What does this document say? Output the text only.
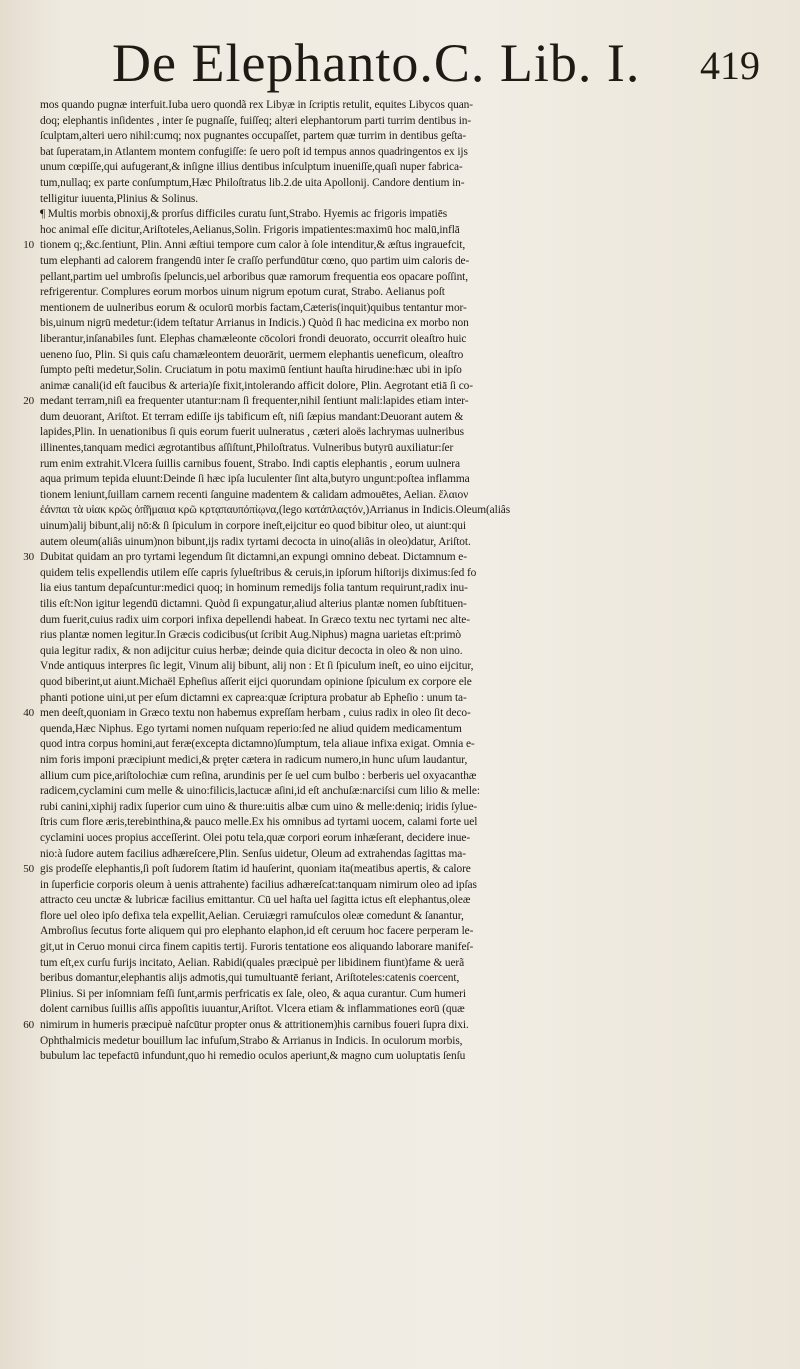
De Elephanto.C. Lib. I. 419
mos quando pugnæ interfuit.Iuba uero quondã rex Libyæ in ſcriptis retulit, equites Libycos quan-
doq; elephantis inſidentes , inter ſe pugnaſſe, fuiſſeq; alteri elephantorum parti turrim dentibus in-
ſculptam,alteri uero nihil:cumq; nox pugnantes occupaſſet, partem quæ turrim in dentibus geſta-
bat ſuperatam,in Atlantem montem confugiſſe: ſe uero poſt id tempus annos quadringentos ex ijs
unum cœpiſſe,qui aufugerant,& inſigne illius dentibus inſculptum inueniſſe,quaſi nuper fabrica-
tum,nullaq; ex parte conſumptum,Hæc Philoſtratus lib.2.de uita Apollonij. Candore dentium in-
telligitur iuuenta,Plinius & Solinus.
¶ Multis morbis obnoxij,& prorſus difficiles curatu ſunt,Strabo. Hyemis ac frigoris impatiēs
hoc animal eſſe dicitur,Ariſtoteles,Aelianus,Solin. Frigoris impatientes:maximū hoc malū,inflā
10 tionem q;,&c.ſentiunt, Plin. Anni æſtiui tempore cum calor à ſole intenditur,& æſtus ingrauefcit,
tum elephanti ad calorem frangendū inter ſe craſſo perfundūtur cœno, quo partim uim caloris de-
pellant,partim uel umbroſis ſpeluncis,uel arboribus quæ ramorum frequentia eos opacare poſſint,
refrigerentur. Complures eorum morbos uinum nigrum epotum curat, Strabo. Aelianus poſt
mentionem de uulneribus eorum & oculorū morbis factam,Cæteris(inquit)quibus tentantur mor-
bis,uinum nigrū medetur:(idem teſtatur Arrianus in Indicis.) Quòd ſi hac medicina ex morbo non
liberantur,inſanabiles ſunt. Elephas chamæleonte cōcolori frondi deuorato, occurrit oleaſtro huic
ueneno ſuo, Plin. Si quis caſu chamæleontem deuorārit, uermem elephantis ueneficum, oleaſtro
ſumpto peſti medetur,Solin. Cruciatum in potu maximū ſentiunt hauſta hirudine:hæc ubi in ipſo
animæ canali(id eſt faucibus & arteria)ſe fixit,intolerando afficit dolore, Plin. Aegrotant etiā ſi co-
20 medant terram,niſi ea frequenter utantur:nam ſi frequenter,nihil ſentiunt mali:lapides etiam inter-
dum deuorant, Ariſtot. Et terram ediſſe ijs tabificum eſt, niſi ſæpius mandant:Deuorant autem &
lapides,Plin. In uenationibus ſi quis eorum fuerit uulneratus , cæteri aloës lachrymas uulneribus
illinentes,tanquam medici ægrotantibus aſſiſtunt,Philoſtratus. Vulneribus butyrū auxiliatur:ſer
rum enim extrahit.Vlcera ſuillis carnibus fouent, Strabo. Indi captis elephantis , eorum uulnera
aqua primum tepida eluunt:Deinde ſi hæc ipſa luculenter ſint alta,butyro ungunt:poſtea inflamma
tionem leniunt,ſuillam carnem recenti ſanguine madentem & calidam admouētes, Aelian. ἔλαιον
ἐάνπαι τὰ υἱακ κρῶς ὀπ͂ῆμαιια κρῶ κρτᾳπαυπόπίῳνα,(lego κατάπλαςτόν,)Arrianus in Indicis.Oleum(aliâs
uinum)alij bibunt,alij nō:& ſi ſpiculum in corpore ineſt,eijcitur eo quod bibitur oleo, ut aiunt:qui
autem oleum(aliâs uinum)non bibunt,ijs radix tyrtami decocta in uino(aliâs in oleo)datur, Ariſtot.
30 Dubitat quidam an pro tyrtami legendum ſit dictamni,an expungi omnino debeat. Dictamnum e-
quidem telis expellendis utilem eſſe capris ſylueſtribus & ceruis,in ipſorum hiſtorijs diximus:ſed fo
lia eius tantum depaſcuntur:medici quoq; in hominum remedijs folia tantum requirunt,radix inu-
tilis eſt:Non igitur legendū dictamni. Quòd ſi expungatur,aliud alterius plantæ nomen ſubſtituen-
dum fuerit,cuius radix uim corpori infixa depellendi habeat. In Græco textu nec tyrtami nec alte-
rius plantæ nomen legitur.In Græcis codicibus(ut ſcribit Aug.Niphus) magna uarietas eſt:primò
quia legitur radix, & non adijcitur cuius herbæ; deinde quia dicitur decocta in oleo & non uino.
Vnde antiquus interpres ſic legit, Vinum alij bibunt, alij non : Et ſi ſpiculum ineſt, eo uino eijcitur,
quod biberint,ut aiunt.Michaël Epheſius aſſerit eijci quorundam opinione ſpiculum ex corpore ele
phanti potione uini,ut per eſum dictamni ex caprea:quæ ſcriptura probatur ab Epheſio : unum ta-
40 men deeſt,quoniam in Græco textu non habemus expreſſam herbam , cuius radix in oleo ſit deco-
quenda,Hæc Niphus. Ego tyrtami nomen nuſquam reperio:ſed ne aliud quidem medicamentum
quod intra corpus homini,aut feræ(excepta dictamno)ſumptum, tela aliaue infixa exigat. Omnia e-
nim foris imponi præcipiunt medici,& pręter cætera in radicum numero,in hunc uſum laudantur,
allium cum pice,ariſtolochiæ cum reſina, arundinis per ſe uel cum bulbo : berberis uel oxyacanthæ
radicem,cyclamini cum melle & uino:filicis,lactucæ aſini,id eſt anchuſæ:narciſsi cum lilio & melle:
rubi canini,xiphij radix ſuperior cum uino & thure:uitis albæ cum uino & melle:deniq; iridis ſylue-
ſtris cum flore æris,terebinthina,& pauco melle.Ex his omnibus ad tyrtami uocem, calami forte uel
cyclamini uoces propius acceſſerint. Olei potu tela,quæ corpori eorum inhæſerant, decidere inue-
nio:à ſudore autem facilius adhæreſcere,Plin. Senſus uidetur, Oleum ad extrahendas ſagittas ma-
50 gis prodeſſe elephantis,ſi poſt ſudorem ſtatim id hauſerint, quoniam ita(meatibus apertis, & calore
in ſuperficie corporis oleum à uenis attrahente) facilius adhæreſcat:tanquam nimirum oleo ad ipſas
attracto ceu unctæ & lubricæ facilius emittantur. Cū uel haſta uel ſagitta ictus eſt elephantus,oleæ
flore uel oleo ipſo defixa tela expellit,Aelian. Ceruiægri ramuſculos oleæ comedunt & ſanantur,
Ambroſius ſecutus forte aliquem qui pro elephanto elaphon,id eſt ceruum hoc facere perperam le-
git,ut in Ceruo monui circa finem capitis tertij. Furoris tentatione eos aliquando laborare manifeſ-
tum eſt,ex curſu furijs incitato, Aelian. Rabidi(quales præcipuè per libidinem fiunt)fame & uerã
beribus domantur,elephantis alijs admotis,qui tumultuantē feriant, Ariſtoteles:catenis coercent,
Plinius. Si per inſomniam feſſi ſunt,armis perfricatis ex ſale, oleo, & aqua curantur. Cum humeri
dolent carnibus ſuillis aſſis appoſitis iuuantur,Ariſtot. Vlcera etiam & inflammationes eorū (quæ
60 nimirum in humeris præcipuè naſcūtur propter onus & attritionem)his carnibus foueri ſupra dixi.
Ophthalmicis medetur bouillum lac infuſum,Strabo & Arrianus in Indicis. In oculorum morbis,
bubulum lac tepefactū infundunt,quo hi remedio oculos aperiunt,& magno cum uoluptatis ſenſu
